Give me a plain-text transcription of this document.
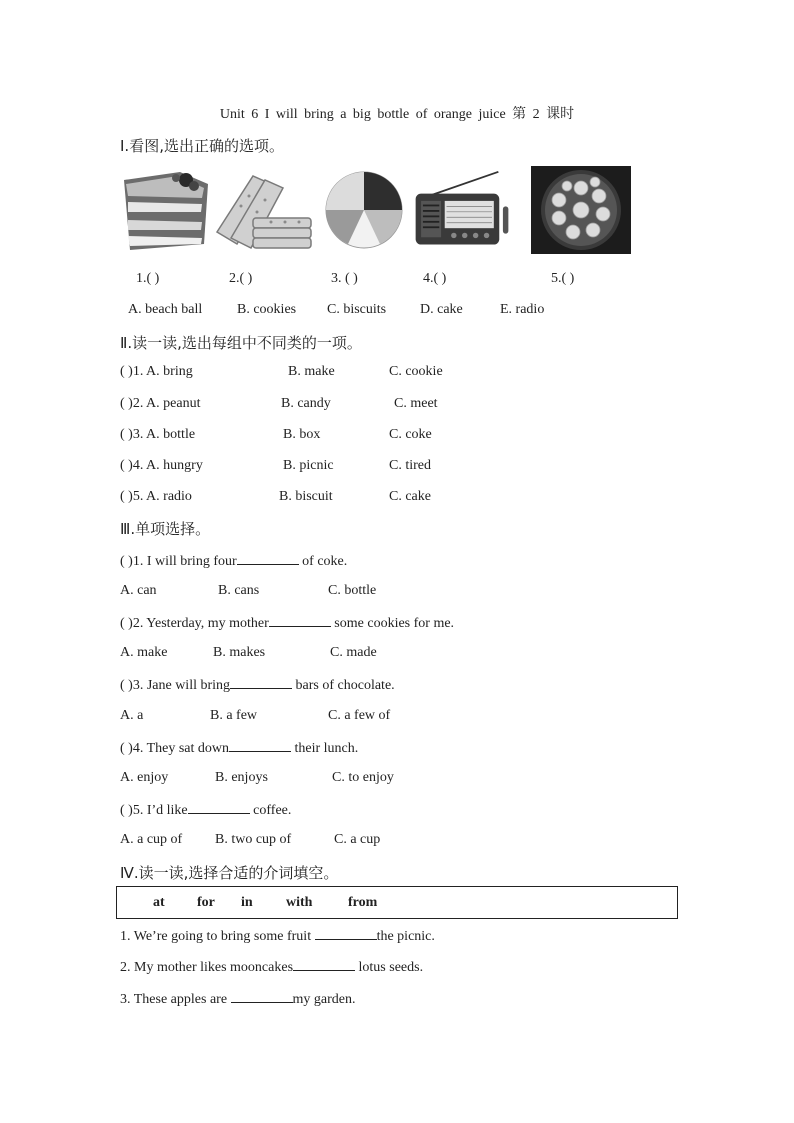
Unit 6 I will bring a big bottle of orange juice 第 2 课时
Ⅰ.看图,选出正确的选项。
1.( )	2.( )	3. ( )	4.( )	5.( )
A. beach ball B. cookies C. biscuits D. cake	E. radio
Ⅱ.读一读,选出每组中不同类的一项。
( )1. A. bring	B. make	C. cookie
( )2. A. peanut	B. candy	C. meet
( )3. A. bottle	B. box	C. coke
( )4. A. hungry	B. picnic	C. tired
( )5. A. radio	B. biscuit	C. cake
Ⅲ.单项选择。
( )1. I will bring four	of coke.
A. can	B. cans	C. bottle
( )2. Yesterday, my mother	some cookies for me.
A. make	B. makes	C. made
( )3. Jane will bring	bars of chocolate.
A. a	B. a few	C. a few of
( )4. They sat down	their lunch.
A. enjoy	B. enjoys	C. to enjoy
( )5. I’d like	coffee.
A. a cup of B. two cup of	C. a cup
Ⅳ.读一读,选择合适的介词填空。
at for in with	from
1. We’re going to bring some fruit	the picnic.
2. My mother likes mooncakes	lotus seeds.
3. These apples are	my garden.
